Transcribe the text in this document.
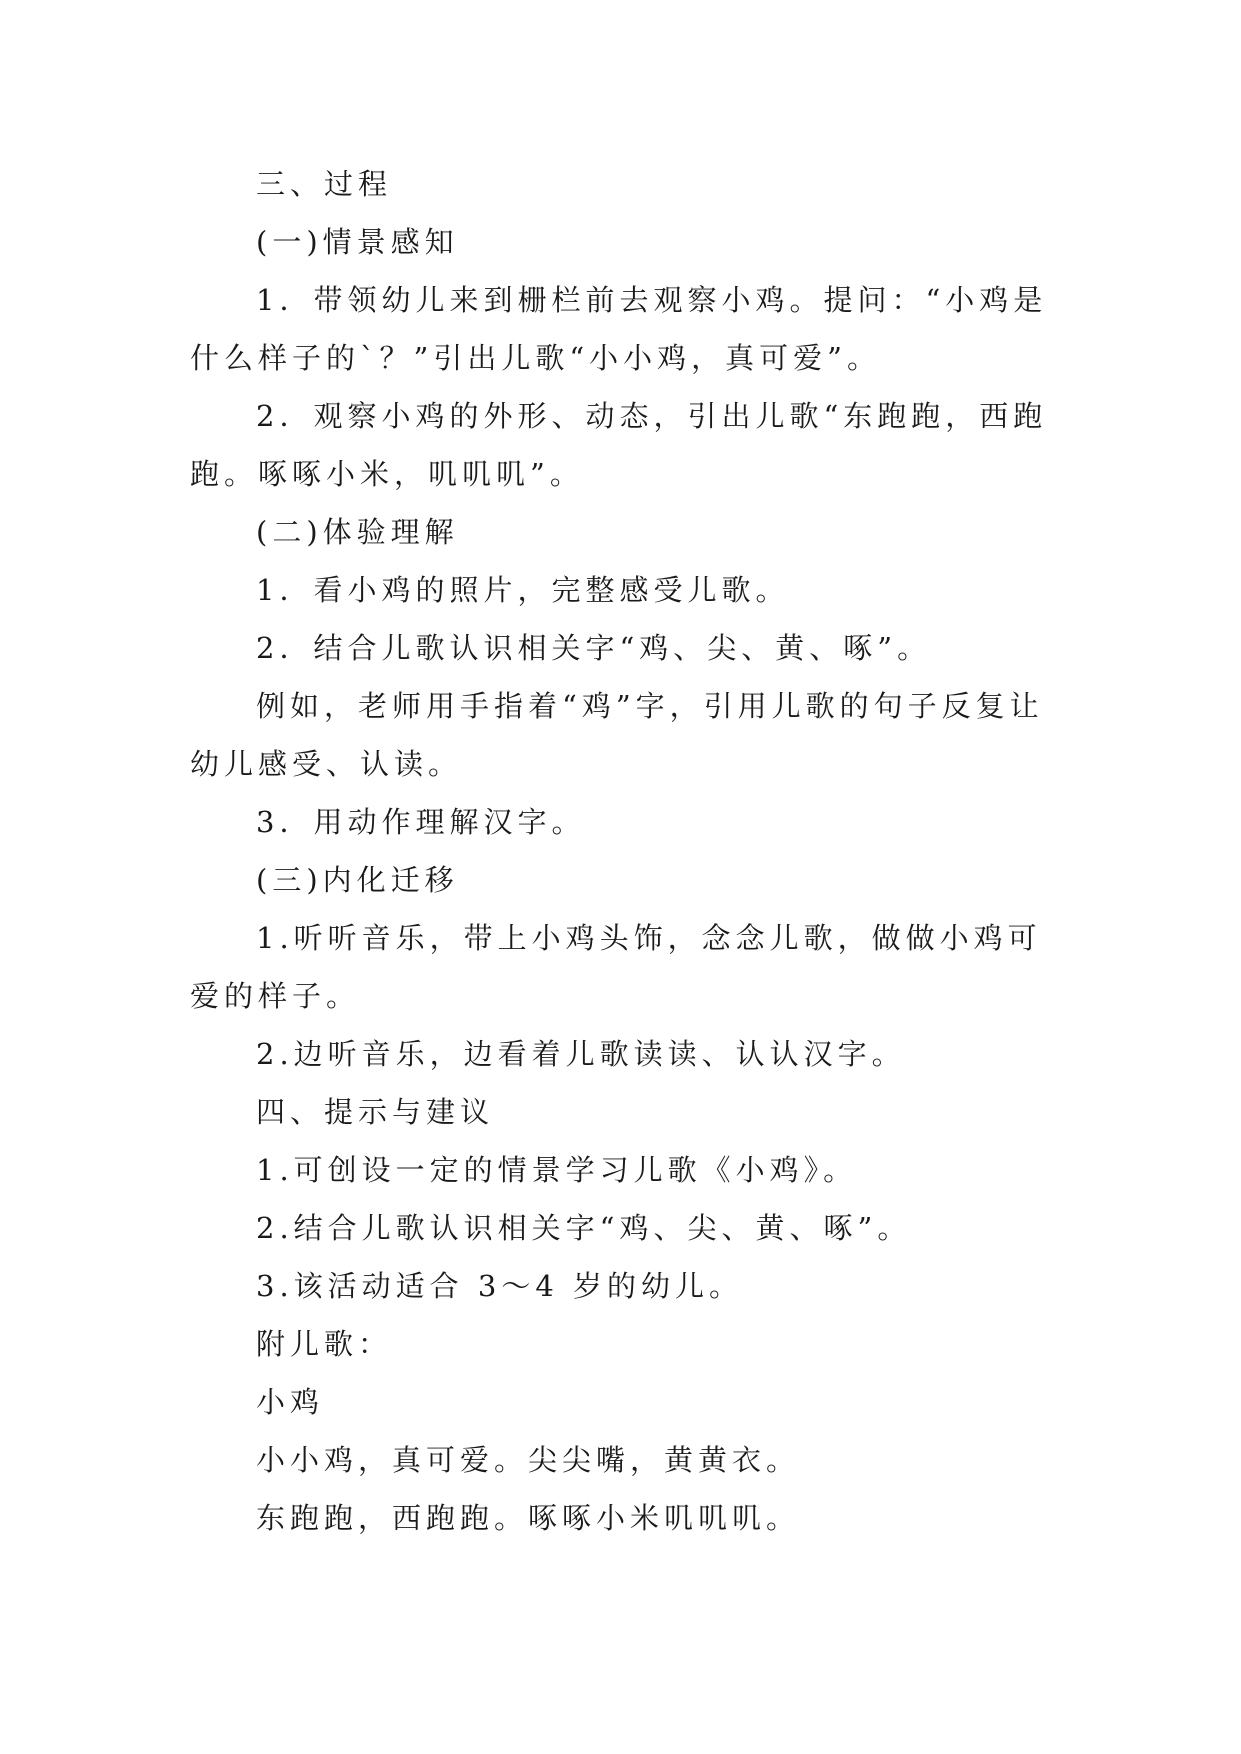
三、过程

(一)情景感知

1．带领幼儿来到栅栏前去观察小鸡。提问：“小鸡是什么样子的`？”引出儿歌“小小鸡，真可爱”。

2．观察小鸡的外形、动态，引出儿歌“东跑跑，西跑跑。啄啄小米，叽叽叽”。

(二)体验理解

1．看小鸡的照片，完整感受儿歌。

2．结合儿歌认识相关字“鸡、尖、黄、啄”。

例如，老师用手指着“鸡”字，引用儿歌的句子反复让幼儿感受、认读。

3．用动作理解汉字。

(三)内化迁移

1.听听音乐，带上小鸡头饰，念念儿歌，做做小鸡可爱的样子。

2.边听音乐，边看着儿歌读读、认认汉字。

四、提示与建议

1.可创设一定的情景学习儿歌《小鸡》。

2.结合儿歌认识相关字“鸡、尖、黄、啄”。

3.该活动适合 3～4 岁的幼儿。

附儿歌：

小鸡

小小鸡，真可爱。尖尖嘴，黄黄衣。

东跑跑，西跑跑。啄啄小米叽叽叽。
